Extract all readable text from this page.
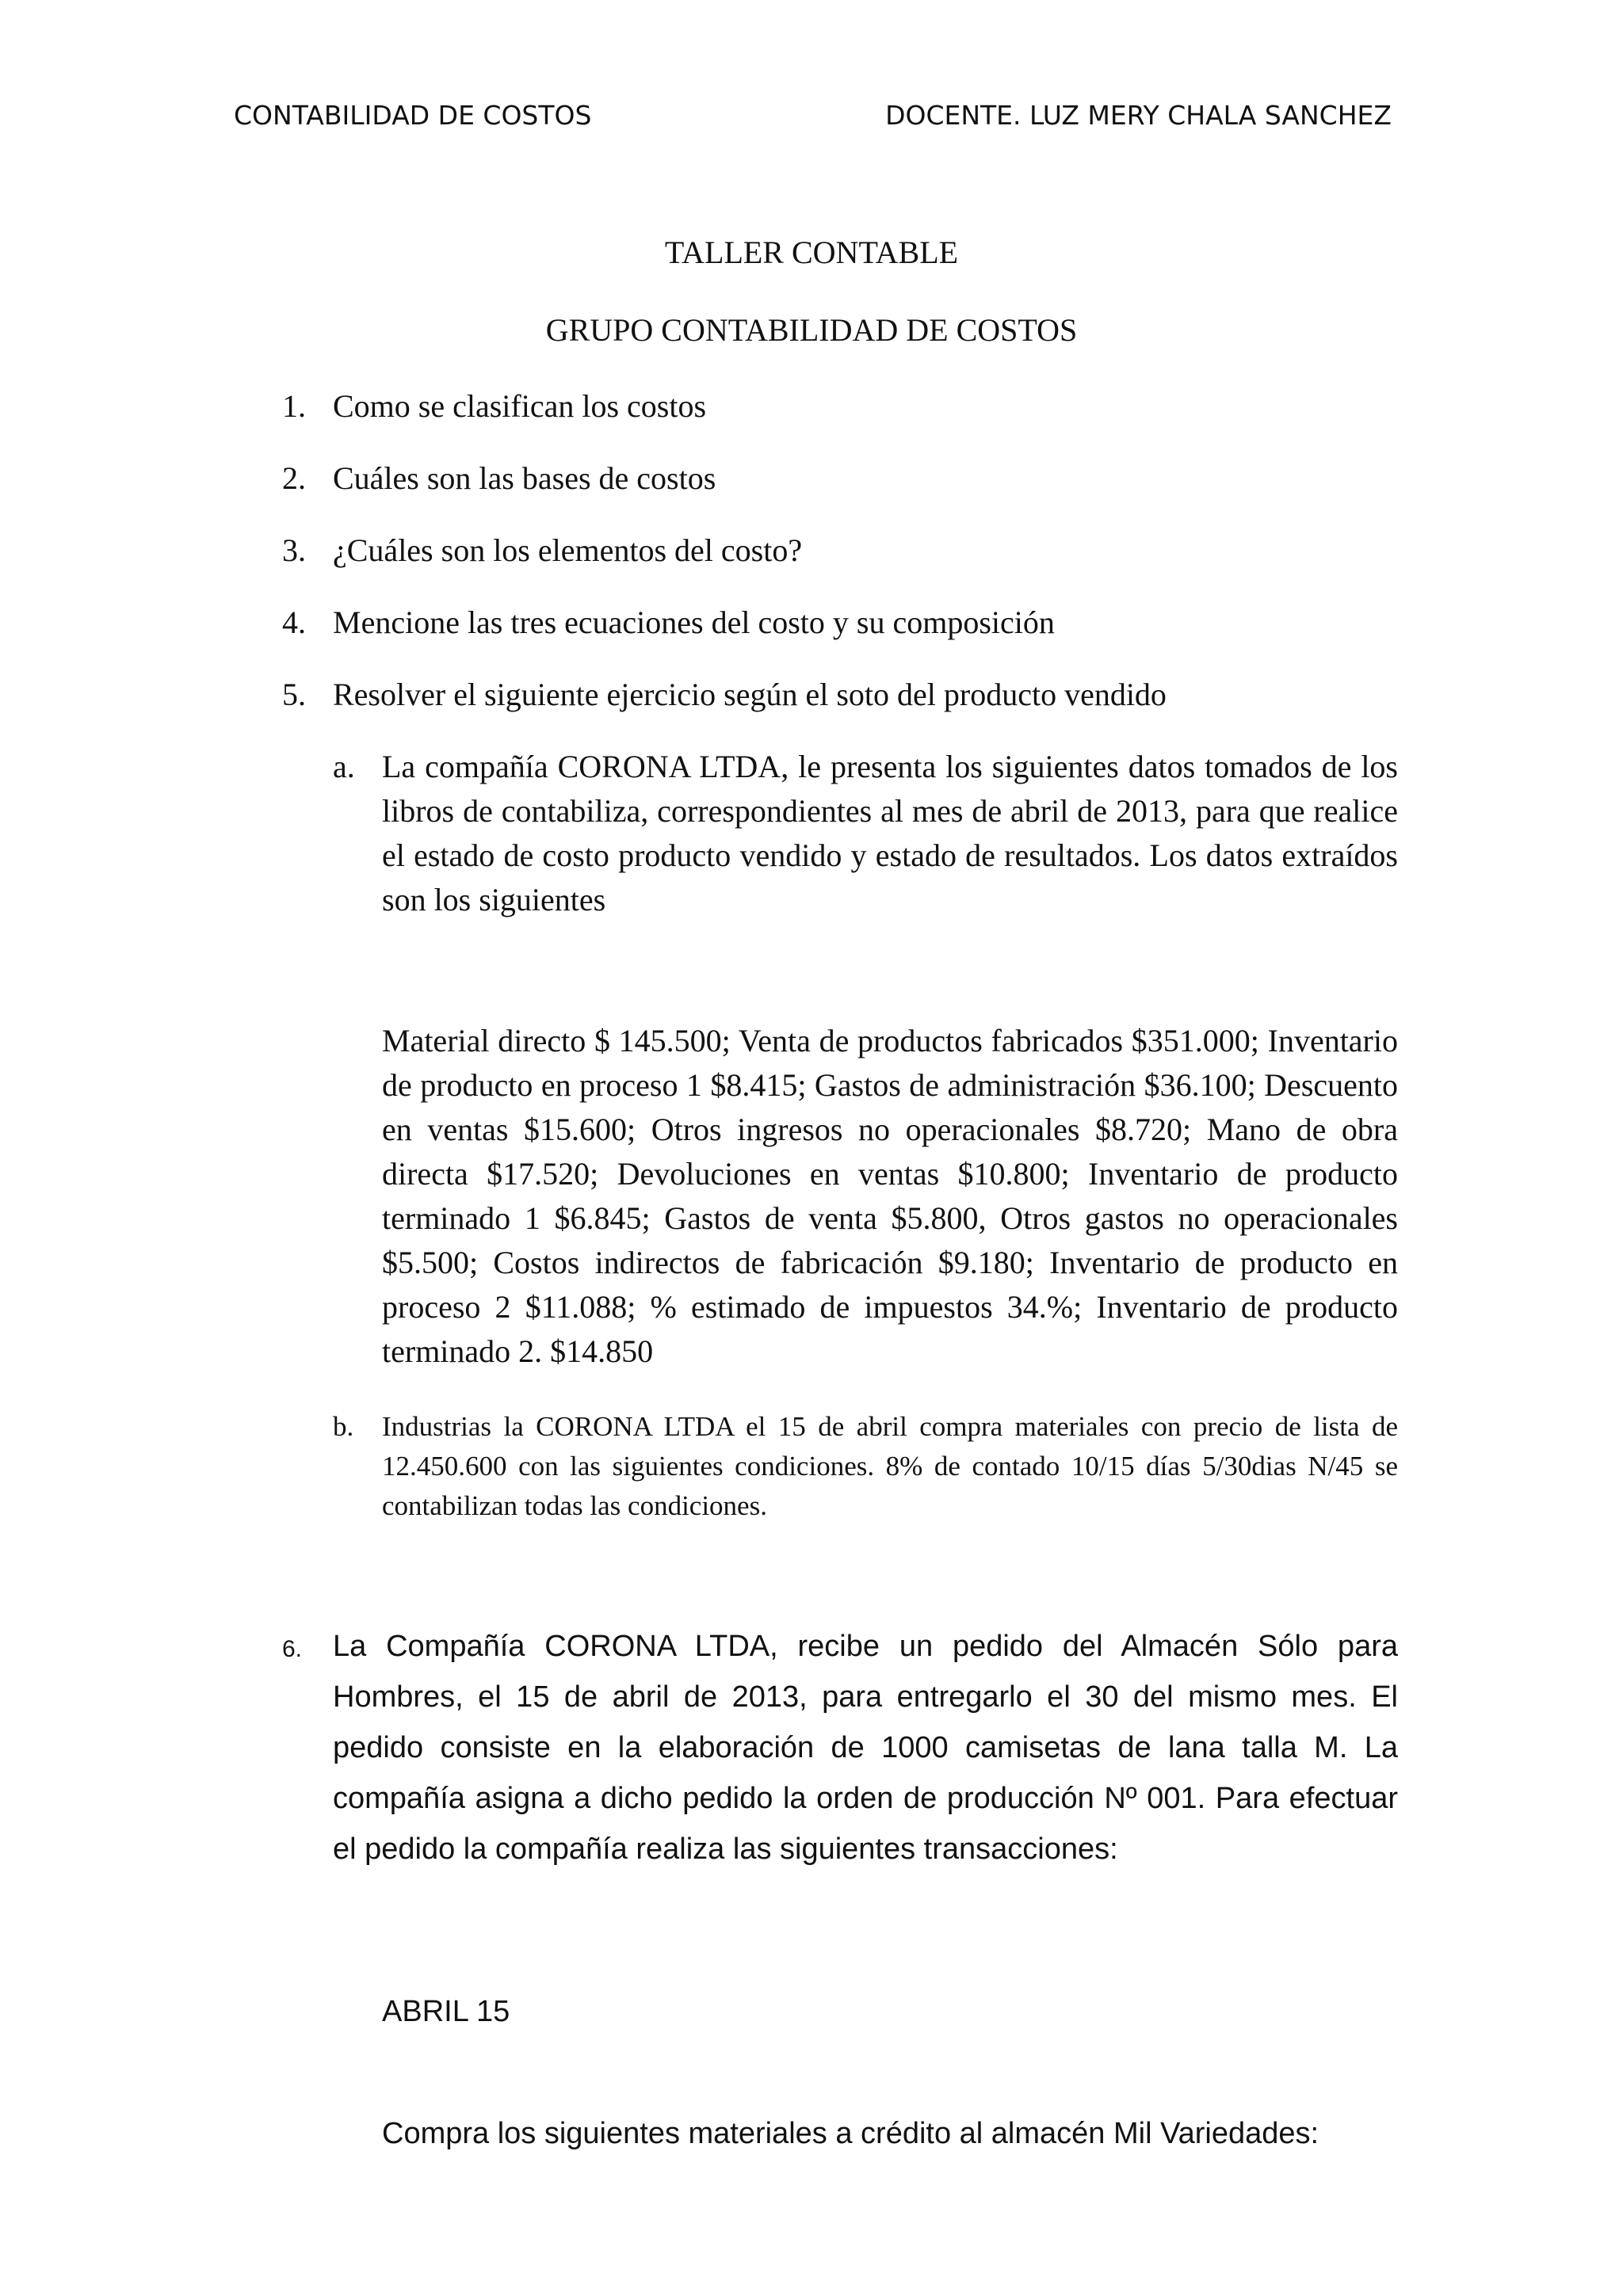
CONTABILIDAD DE COSTOS	DOCENTE. LUZ MERY CHALA SANCHEZ
TALLER CONTABLE
GRUPO CONTABILIDAD DE COSTOS
1. Como se clasifican los costos
2. Cuáles son las bases de costos
3. ¿Cuáles son los elementos del costo?
4. Mencione las tres ecuaciones del costo y su composición
5. Resolver el siguiente ejercicio según el soto del producto vendido
a. La compañía CORONA LTDA, le presenta los siguientes datos tomados de los libros de contabiliza, correspondientes al mes de abril de 2013, para que realice el estado de costo producto vendido y estado de resultados. Los datos extraídos son los siguientes
Material directo $ 145.500; Venta de productos fabricados $351.000; Inventario de producto en proceso 1 $8.415; Gastos de administración $36.100; Descuento en ventas $15.600; Otros ingresos no operacionales $8.720; Mano de obra directa $17.520; Devoluciones en ventas $10.800; Inventario de producto terminado 1 $6.845; Gastos de venta $5.800, Otros gastos no operacionales $5.500; Costos indirectos de fabricación $9.180; Inventario de producto en proceso 2 $11.088; % estimado de impuestos 34.%; Inventario de producto terminado 2. $14.850
b. Industrias la CORONA LTDA el 15 de abril compra materiales con precio de lista de 12.450.600 con las siguientes condiciones. 8% de contado 10/15 días 5/30dias N/45 se contabilizan todas las condiciones.
6. La Compañía CORONA LTDA, recibe un pedido del Almacén Sólo para Hombres, el 15 de abril de 2013, para entregarlo el 30 del mismo mes. El pedido consiste en la elaboración de 1000 camisetas de lana talla M. La compañía asigna a dicho pedido la orden de producción Nº 001. Para efectuar el pedido la compañía realiza las siguientes transacciones:
ABRIL 15
Compra los siguientes materiales a crédito al almacén Mil Variedades:
